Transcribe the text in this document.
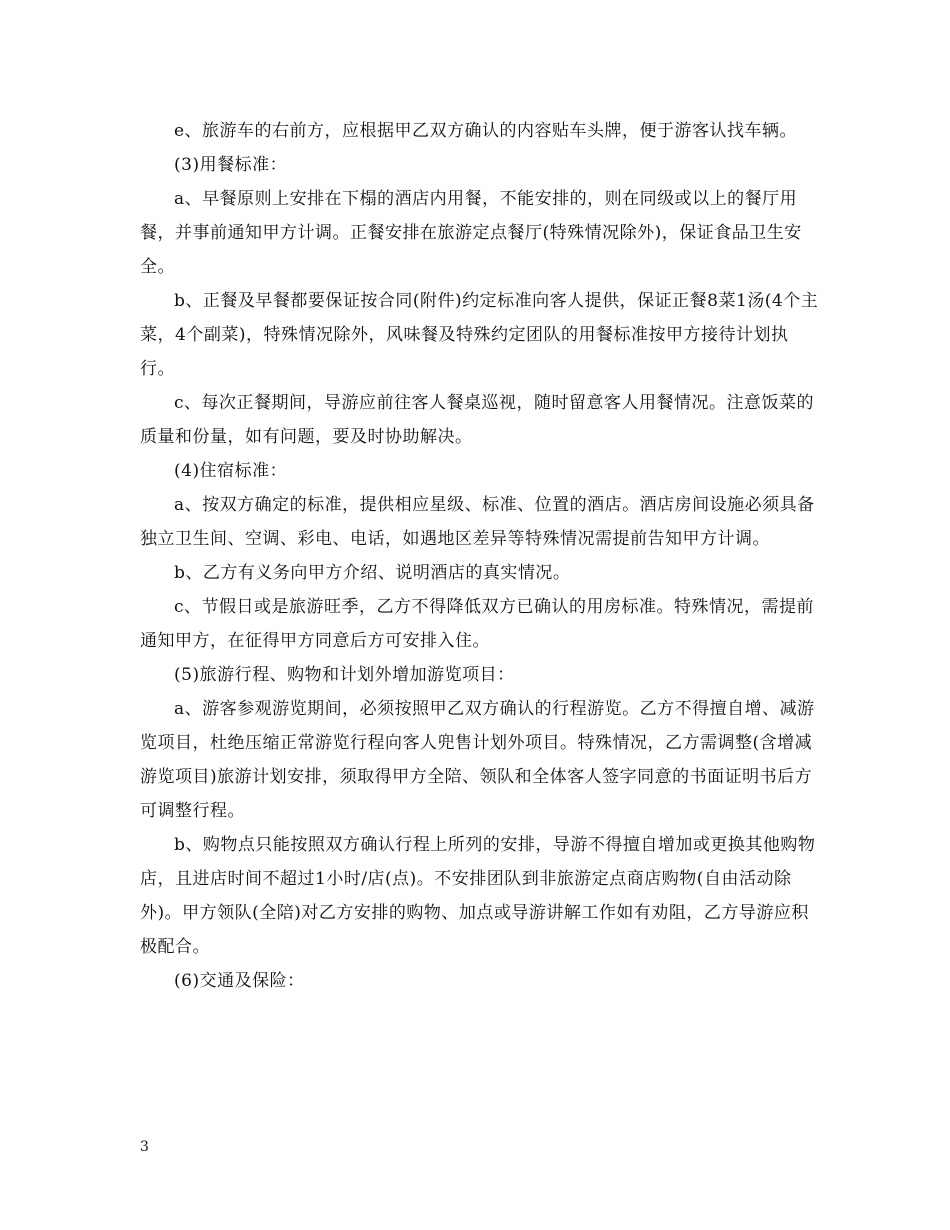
e、旅游车的右前方，应根据甲乙双方确认的内容贴车头牌，便于游客认找车辆。

(3)用餐标准：

a、早餐原则上安排在下榻的酒店内用餐，不能安排的，则在同级或以上的餐厅用餐，并事前通知甲方计调。正餐安排在旅游定点餐厅(特殊情况除外)，保证食品卫生安全。

b、正餐及早餐都要保证按合同(附件)约定标准向客人提供，保证正餐8菜1汤(4个主菜，4个副菜)，特殊情况除外，风味餐及特殊约定团队的用餐标准按甲方接待计划执行。

c、每次正餐期间，导游应前往客人餐桌巡视，随时留意客人用餐情况。注意饭菜的质量和份量，如有问题，要及时协助解决。

(4)住宿标准：

a、按双方确定的标准，提供相应星级、标准、位置的酒店。酒店房间设施必须具备独立卫生间、空调、彩电、电话，如遇地区差异等特殊情况需提前告知甲方计调。

b、乙方有义务向甲方介绍、说明酒店的真实情况。

c、节假日或是旅游旺季，乙方不得降低双方已确认的用房标准。特殊情况，需提前通知甲方，在征得甲方同意后方可安排入住。

(5)旅游行程、购物和计划外增加游览项目：

a、游客参观游览期间，必须按照甲乙双方确认的行程游览。乙方不得擅自增、减游览项目，杜绝压缩正常游览行程向客人兜售计划外项目。特殊情况，乙方需调整(含增减游览项目)旅游计划安排，须取得甲方全陪、领队和全体客人签字同意的书面证明书后方可调整行程。

b、购物点只能按照双方确认行程上所列的安排，导游不得擅自增加或更换其他购物店，且进店时间不超过1小时/店(点)。不安排团队到非旅游定点商店购物(自由活动除外)。甲方领队(全陪)对乙方安排的购物、加点或导游讲解工作如有劝阻，乙方导游应积极配合。

(6)交通及保险：

3
